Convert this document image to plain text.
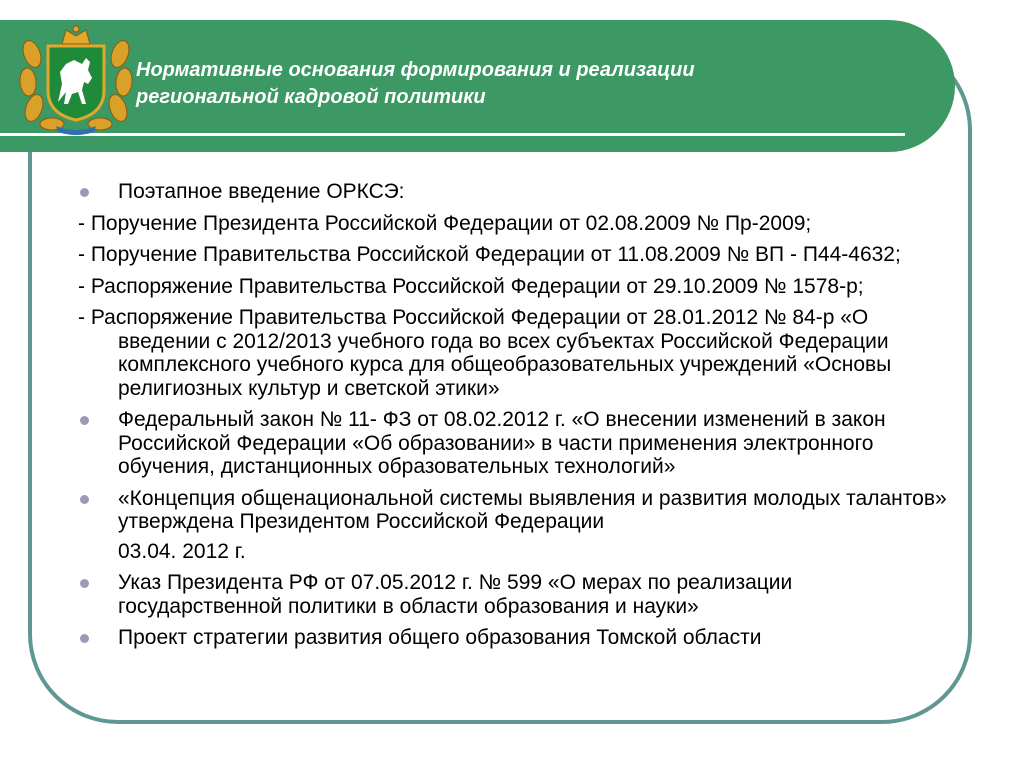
Нормативные основания формирования и реализации
региональной кадровой политики
Поэтапное введение ОРКСЭ:
- Поручение Президента Российской Федерации от 02.08.2009 № Пр-2009;
- Поручение Правительства Российской Федерации от 11.08.2009 № ВП - П44-4632;
- Распоряжение Правительства Российской Федерации от 29.10.2009 № 1578-р;
- Распоряжение Правительства Российской Федерации от 28.01.2012 № 84-р «О введении с 2012/2013 учебного года во всех субъектах Российской Федерации комплексного учебного курса для общеобразовательных учреждений «Основы религиозных культур и светской этики»
Федеральный закон № 11- ФЗ от 08.02.2012 г. «О внесении изменений в закон Российской Федерации «Об образовании» в части применения электронного обучения, дистанционных образовательных технологий»
«Концепция общенациональной системы выявления и развития молодых талантов» утверждена Президентом Российской Федерации
03.04. 2012 г.
Указ Президента РФ от 07.05.2012 г. № 599 «О мерах по реализации государственной политики в области образования и науки»
Проект стратегии развития общего образования Томской области
